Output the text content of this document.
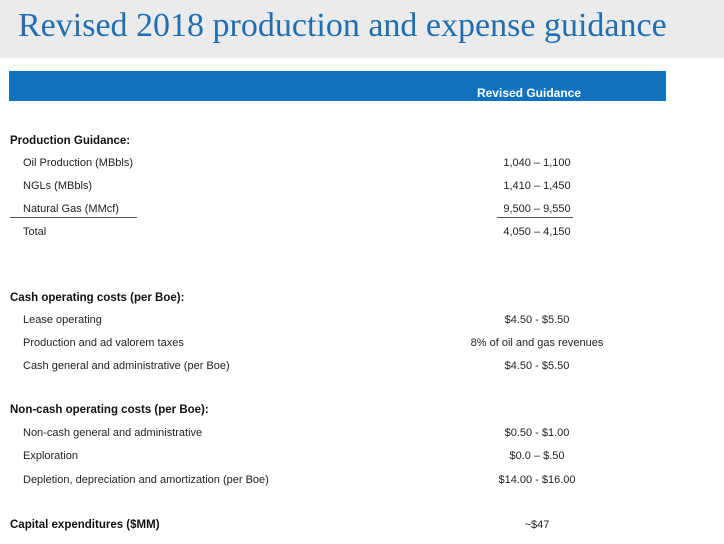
Revised 2018 production and expense guidance
Revised Guidance
Production Guidance:
Oil Production (MBbls)	1,040 – 1,100
NGLs (MBbls)	1,410 – 1,450
Natural Gas (MMcf)	9,500 – 9,550
Total	4,050 – 4,150
Cash operating costs (per Boe):
Lease operating	$4.50 - $5.50
Production and ad valorem taxes	8% of oil and gas revenues
Cash general and administrative (per Boe)	$4.50 - $5.50
Non-cash operating costs (per Boe):
Non-cash general and administrative	$0.50 - $1.00
Exploration	$0.0 – $.50
Depletion, depreciation and amortization (per Boe)	$14.00 - $16.00
Capital expenditures ($MM)	~$47
